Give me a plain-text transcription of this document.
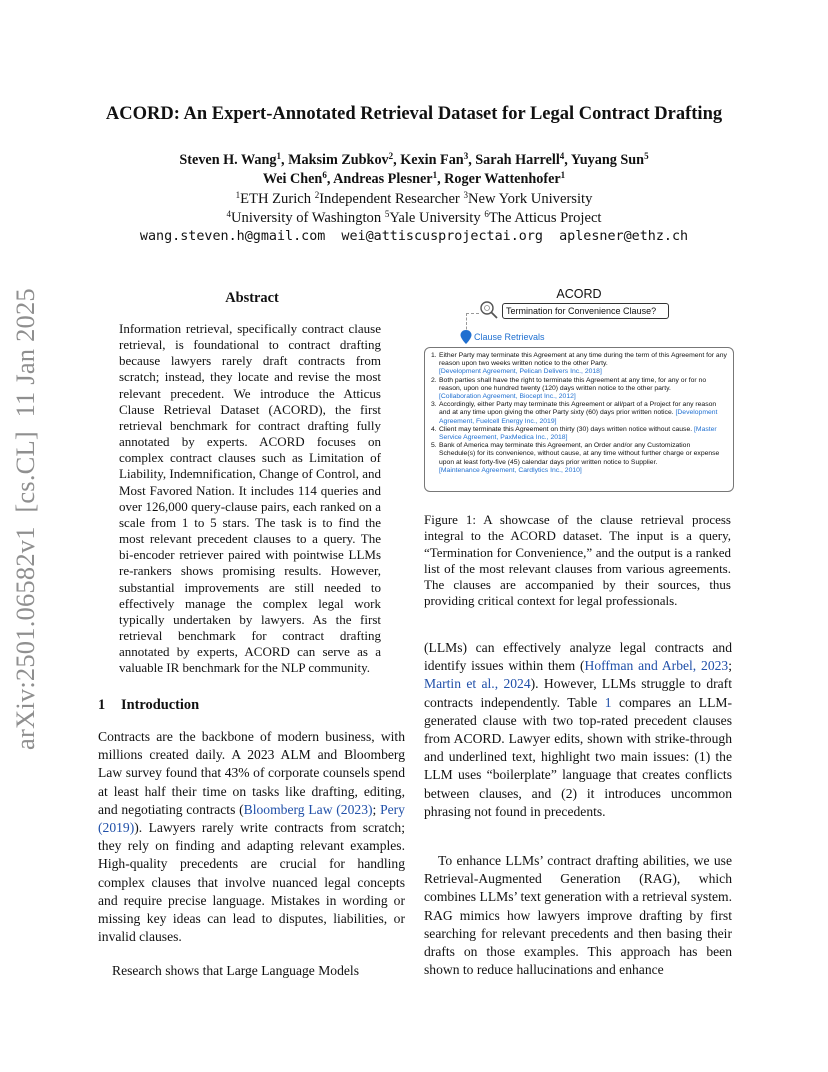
ACORD: An Expert-Annotated Retrieval Dataset for Legal Contract Drafting
Steven H. Wang$^1$, Maksim Zubkov$^2$, Kexin Fan$^3$, Sarah Harrell$^4$, Yuyang Sun$^5$
Wei Chen$^6$, Andreas Plesner$^1$, Roger Wattenhofer$^1$
$^1$ETH Zurich $^2$Independent Researcher $^3$New York University
$^4$University of Washington $^5$Yale University $^6$The Atticus Project
wang.steven.h@gmail.com  wei@attiscusprojectai.org  aplesner@ethz.ch
arXiv:2501.06582v1  [cs.CL]  11 Jan 2025	Abstract
Information retrieval, specifically contract clause retrieval, is foundational to contract drafting because lawyers rarely draft contracts from scratch; instead, they locate and revise the most relevant precedent. We introduce the Atticus Clause Retrieval Dataset (ACORD), the first retrieval benchmark for contract drafting fully annotated by experts. ACORD focuses on complex contract clauses such as Limitation of Liability, Indemnification, Change of Control, and Most Favored Nation. It includes 114 queries and over 126,000 query-clause pairs, each ranked on a scale from 1 to 5 stars. The task is to find the most relevant precedent clauses to a query. The bi-encoder retriever paired with pointwise LLMs re-rankers shows promising results. However, substantial improvements are still needed to effectively manage the complex legal work typically undertaken by lawyers. As the first retrieval benchmark for contract drafting annotated by experts, ACORD can serve as a valuable IR benchmark for the NLP community.
1 Introduction
Contracts are the backbone of modern business, with millions created daily. A 2023 ALM and Bloomberg Law survey found that 43% of corporate counsels spend at least half their time on tasks like drafting, editing, and negotiating contracts (Bloomberg Law (2023); Pery (2019)). Lawyers rarely write contracts from scratch; they rely on finding and adapting relevant examples. High-quality precedents are crucial for handling complex clauses that involve nuanced legal concepts and require precise language. Mistakes in wording or missing key ideas can lead to disputes, liabilities, or invalid clauses.
Research shows that Large Language Models
ACORD
Termination for Convenience Clause?
Clause Retrievals
1. Either Party may terminate this Agreement at any time during the term of this Agreement for any reason upon two weeks written notice to the other Party.
[Development Agreement, Pelican Delivers Inc., 2018]
2. Both parties shall have the right to terminate this Agreement at any time, for any or for no reason, upon one hundred twenty (120) days written notice to the other party.
[Collaboration Agreement, Biocept Inc., 2012]
3. Accordingly, either Party may terminate this Agreement or all/part of a Project for any reason and at any time upon giving the other Party sixty (60) days prior written notice. [Development Agreement, Fuelcell Energy Inc., 2019]
4. Client may terminate this Agreement on thirty (30) days written notice without cause. [Master Service Agreement, PaxMedica Inc., 2018]
5. Bank of America may terminate this Agreement, an Order and/or any Customization Schedule(s) for its convenience, without cause, at any time without further charge or expense upon at least forty-five (45) calendar days prior written notice to Supplier.
[Maintenance Agreement, Cardlytics Inc., 2010]
Figure 1: A showcase of the clause retrieval process integral to the ACORD dataset. The input is a query, “Termination for Convenience,” and the output is a ranked list of the most relevant clauses from various agreements. The clauses are accompanied by their sources, thus providing critical context for legal professionals.
(LLMs) can effectively analyze legal contracts and identify issues within them (Hoffman and Arbel, 2023; Martin et al., 2024). However, LLMs struggle to draft contracts independently. Table 1 compares an LLM-generated clause with two top-rated precedent clauses from ACORD. Lawyer edits, shown with strike-through and underlined text, highlight two main issues: (1) the LLM uses “boilerplate” language that creates conflicts between clauses, and (2) it introduces uncommon phrasing not found in precedents.
To enhance LLMs’ contract drafting abilities, we use Retrieval-Augmented Generation (RAG), which combines LLMs’ text generation with a retrieval system. RAG mimics how lawyers improve drafting by first searching for relevant precedents and then basing their drafts on those examples. This approach has been shown to reduce hallucinations and enhance
